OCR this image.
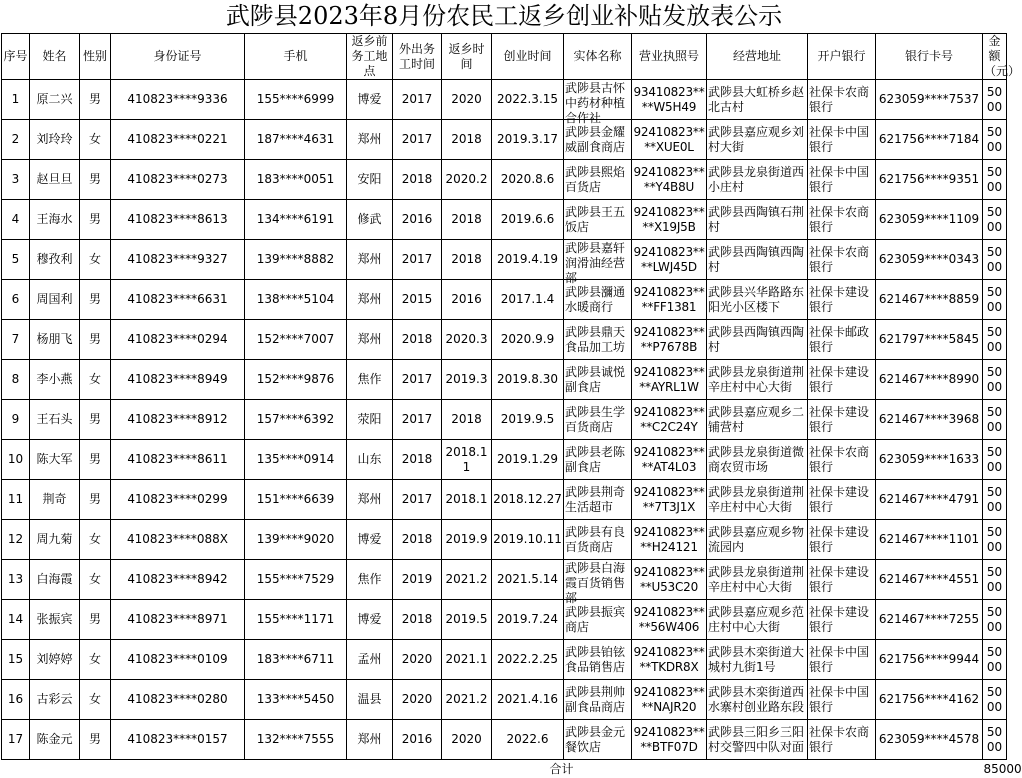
武陟县2023年8月份农民工返乡创业补贴发放表公示
序号	姓名	性别	身份证号	手机	返乡前务工地点	外出务工时间	返乡时间	创业时间	实体名称	营业执照号	经营地址	开户银行	银行卡号	金额（元）

1	原二兴	男	410823****9336	155****6999	博爱	2017	2020	2022.3.15	武陟县古怀中药材种植合作社	93410823****W5H49	武陟县大虹桥乡赵北古村	社保卡农商银行	623059****7537	5000

2	刘玲玲	女	410823****0221	187****4631	郑州	2017	2018	2019.3.17	武陟县金耀威副食商店	92410823****XUE0L	武陟县嘉应观乡刘村大街	社保卡中国银行	621756****7184	5000

3	赵旦旦	男	410823****0273	183****0051	安阳	2018	2020.2	2020.8.6	武陟县熙焰百货店	92410823****Y4B8U	武陟县龙泉街道西小庄村	社保卡中国银行	621756****9351	5000

4	王海水	男	410823****8613	134****6191	修武	2016	2018	2019.6.6	武陟县王五饭店	92410823****X19J5B	武陟县西陶镇石荆村	社保卡农商银行	623059****1109	5000

5	穆孜利	女	410823****9327	139****8882	郑州	2017	2018	2019.4.19	武陟县嘉轩润滑油经营部	92410823****LWJ45D	武陟县西陶镇西陶村	社保卡农商银行	623059****0343	5000

6	周国利	男	410823****6631	138****5104	郑州	2015	2016	2017.1.4	武陟县瀰通水暖商行	92410823****FF1381	武陟县兴华路路东阳光小区楼下	社保卡建设银行	621467****8859	5000

7	杨朋飞	男	410823****0294	152****7007	郑州	2018	2020.3	2020.9.9	武陟县鼎天食品加工坊	92410823****P7678B	武陟县西陶镇西陶村	社保卡邮政银行	621797****5845	5000

8	李小燕	女	410823****8949	152****9876	焦作	2017	2019.3	2019.8.30	武陟县诚悦副食店	92410823****AYRL1W	武陟县龙泉街道荆辛庄村中心大街	社保卡建设银行	621467****8990	5000

9	王石头	男	410823****8912	157****6392	荥阳	2017	2018	2019.9.5	武陟县生学百货商店	92410823****C2C24Y	武陟县嘉应观乡二铺营村	社保卡建设银行	621467****3968	5000

10	陈大军	男	410823****8611	135****0914	山东	2018	2018.11	2019.1.29	武陟县老陈副食店	92410823****AT4L03	武陟县龙泉街道微商农贸市场	社保卡农商银行	623059****1633	5000

11	荆奇	男	410823****0299	151****6639	郑州	2017	2018.1	2018.12.27	武陟县荆奇生活超市	92410823****7T3J1X	武陟县龙泉街道荆辛庄村中心大街	社保卡建设银行	621467****4791	5000

12	周九菊	女	410823****088X	139****9020	博爱	2018	2019.9	2019.10.11	武陟县有良百货商店	92410823****H24121	武陟县嘉应观乡物流园内	社保卡建设银行	621467****1101	5000

13	白海霞	女	410823****8942	155****7529	焦作	2019	2021.2	2021.5.14	武陟县白海霞百货销售部	92410823****U53C20	武陟县龙泉街道荆辛庄村中心大街	社保卡建设银行	621467****4551	5000

14	张振宾	男	410823****8971	155****1171	博爱	2018	2019.5	2019.7.24	武陟县振宾商店	92410823****56W406	武陟县嘉应观乡范庄村中心大街	社保卡建设银行	621467****7255	5000

15	刘婷婷	女	410823****0109	183****6711	孟州	2020	2021.1	2022.2.25	武陟县铂铉食品销售店	92410823****TKDR8X	武陟县木栾街道大城村九街1号	社保卡中国银行	621756****9944	5000

16	古彩云	女	410823****0280	133****5450	温县	2020	2021.2	2021.4.16	武陟县荆帅副食品商店	92410823****NAJR20	武陟县木栾街道西水寨村创业路东段	社保卡中国银行	621756****4162	5000

17	陈金元	男	410823****0157	132****7555	郑州	2016	2020	2022.6	武陟县金元餐饮店	92410823****BTF07D	武陟县三阳乡三阳村交警四中队对面	社保卡农商银行	623059****4578	5000

								合计						85000
